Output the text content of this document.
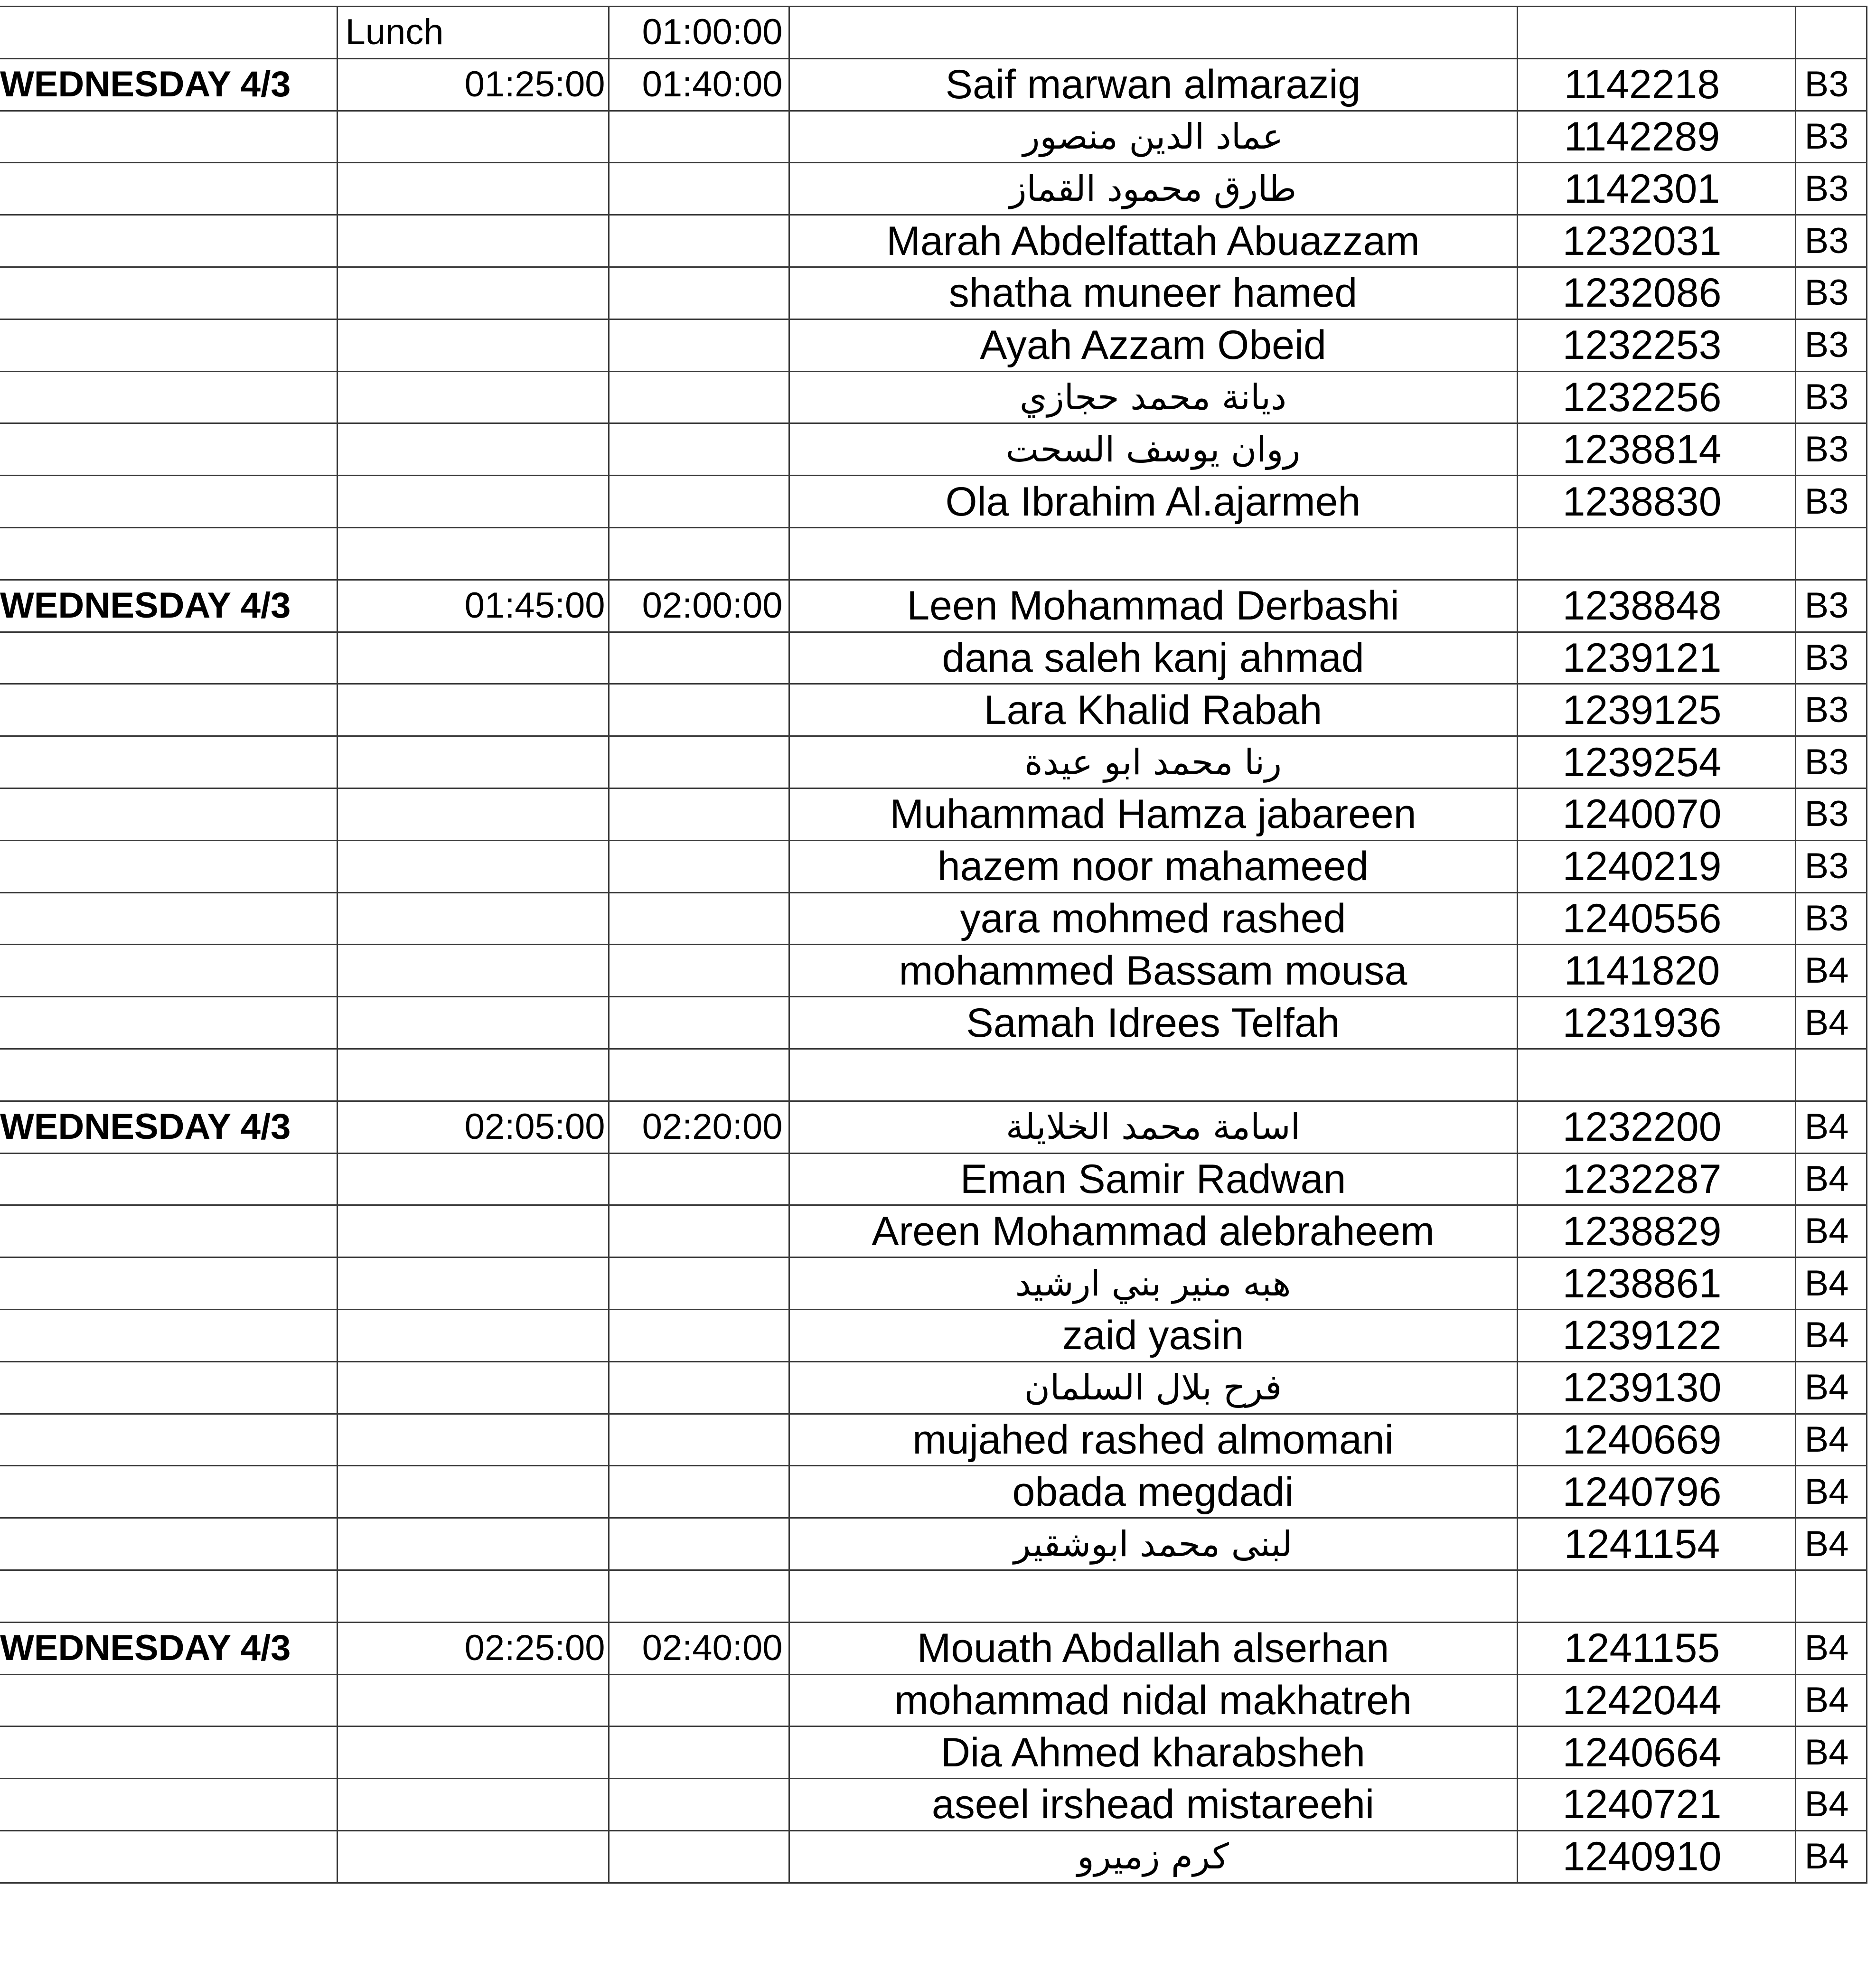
	Lunch	01:00:00			
WEDNESDAY 4/3	01:25:00	01:40:00	Saif marwan almarazig	1142218	B3
			عماد الدين منصور	1142289	B3
			طارق محمود القماز	1142301	B3
			Marah Abdelfattah Abuazzam	1232031	B3
			shatha muneer hamed	1232086	B3
			Ayah Azzam Obeid	1232253	B3
			ديانة محمد حجازي	1232256	B3
			روان يوسف السحت	1238814	B3
			Ola Ibrahim Al.ajarmeh	1238830	B3

WEDNESDAY 4/3	01:45:00	02:00:00	Leen Mohammad Derbashi	1238848	B3
			dana saleh kanj ahmad	1239121	B3
			Lara Khalid Rabah	1239125	B3
			رنا محمد ابو عيدة	1239254	B3
			Muhammad Hamza jabareen	1240070	B3
			hazem noor mahameed	1240219	B3
			yara mohmed rashed	1240556	B3
			mohammed Bassam mousa	1141820	B4
			Samah Idrees Telfah	1231936	B4

WEDNESDAY 4/3	02:05:00	02:20:00	اسامة محمد الخلايلة	1232200	B4
			Eman Samir Radwan	1232287	B4
			Areen Mohammad alebraheem	1238829	B4
			هبه منير بني ارشيد	1238861	B4
			zaid yasin	1239122	B4
			فرح بلال السلمان	1239130	B4
			mujahed rashed almomani	1240669	B4
			obada megdadi	1240796	B4
			لبنى محمد ابوشقير	1241154	B4

WEDNESDAY 4/3	02:25:00	02:40:00	Mouath Abdallah alserhan	1241155	B4
			mohammad nidal makhatreh	1242044	B4
			Dia Ahmed kharabsheh	1240664	B4
			aseel irshead mistareehi	1240721	B4
			كرم زميرو	1240910	B4
